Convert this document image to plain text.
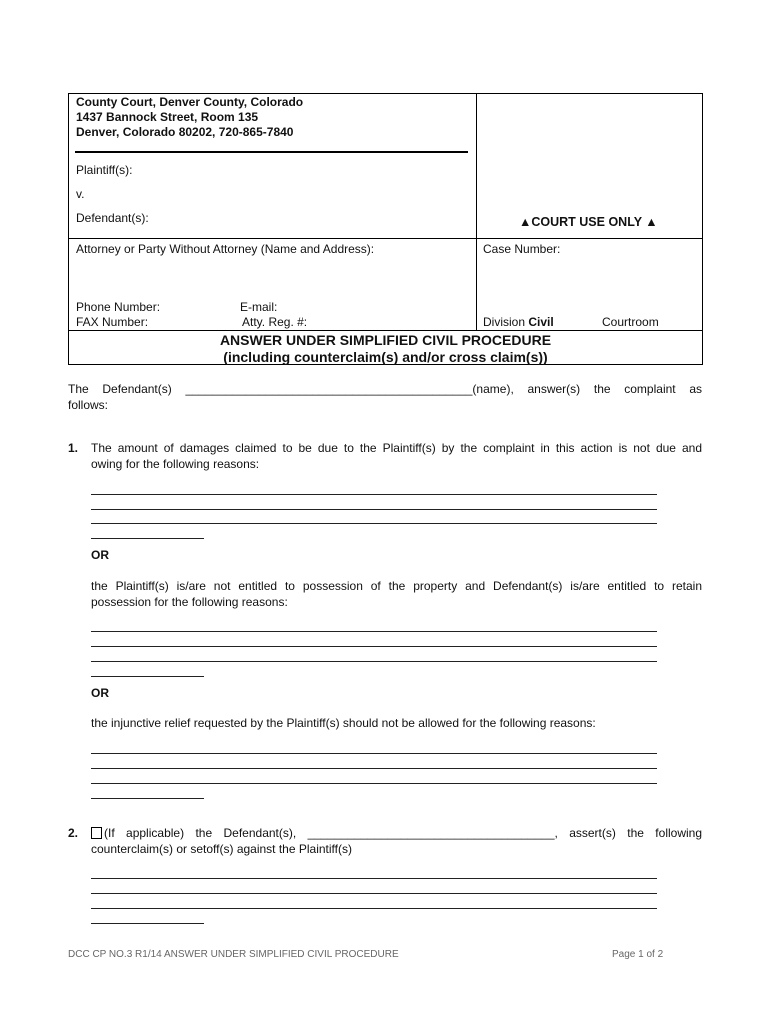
County Court, Denver County, Colorado
1437 Bannock Street, Room 135
Denver, Colorado 80202, 720-865-7840
Plaintiff(s):
v.
Defendant(s):	▲COURT USE ONLY ▲
Attorney or Party Without Attorney (Name and Address):	Case Number:
Phone Number:	E-mail:
FAX Number:	Atty. Reg. #:	Division Civil	Courtroom
ANSWER UNDER SIMPLIFIED CIVIL PROCEDURE
(including counterclaim(s) and/or cross claim(s))
The Defendant(s) ___________________________________________(name), answer(s) the complaint as
follows:
1. The amount of damages claimed to be due to the Plaintiff(s) by the complaint in this action is not due and
owing for the following reasons:
OR
the Plaintiff(s) is/are not entitled to possession of the property and Defendant(s) is/are entitled to retain
possession for the following reasons:
OR
the injunctive relief requested by the Plaintiff(s) should not be allowed for the following reasons:
2. (If applicable) the Defendant(s), _____________________________________, assert(s) the following
counterclaim(s) or setoff(s) against the Plaintiff(s)
DCC CP NO.3 R1/14 ANSWER UNDER SIMPLIFIED CIVIL PROCEDURE	Page 1 of 2
